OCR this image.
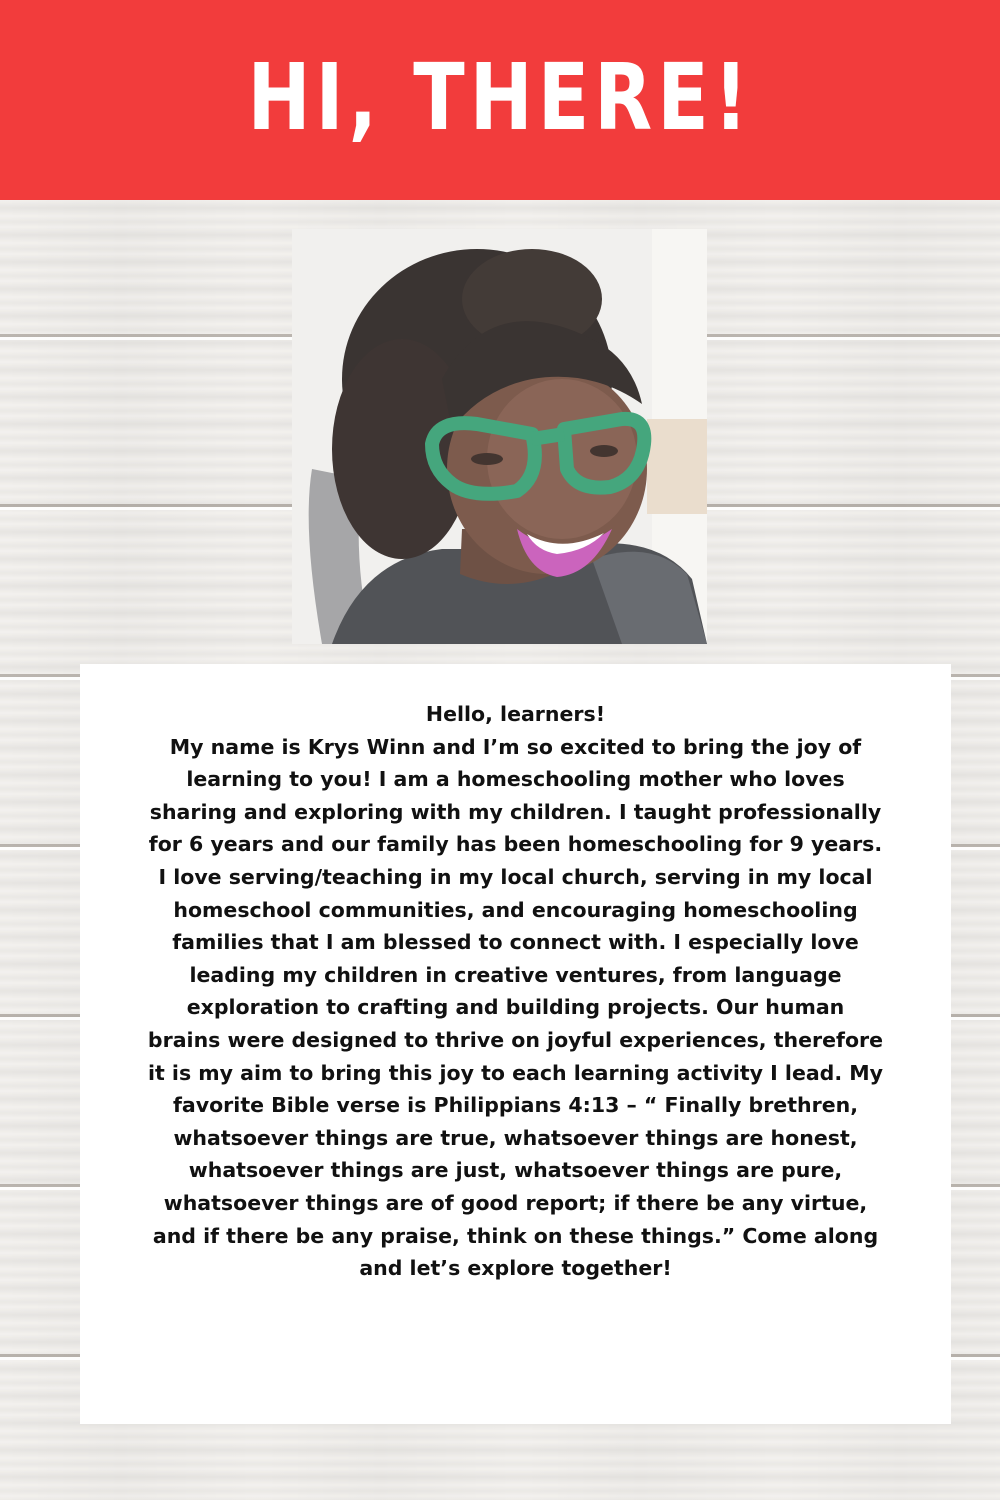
HI, THERE!

Hello, learners!
My name is Krys Winn and I’m so excited to bring the joy of
learning to you! I am a homeschooling mother who loves
sharing and exploring with my children. I taught professionally
for 6 years and our family has been homeschooling for 9 years.
I love serving/teaching in my local church, serving in my local
homeschool communities, and encouraging homeschooling
families that I am blessed to connect with. I especially love
leading my children in creative ventures, from language
exploration to crafting and building projects. Our human
brains were designed to thrive on joyful experiences, therefore
it is my aim to bring this joy to each learning activity I lead. My
favorite Bible verse is Philippians 4:13 – “ Finally brethren,
whatsoever things are true, whatsoever things are honest,
whatsoever things are just, whatsoever things are pure,
whatsoever things are of good report; if there be any virtue,
and if there be any praise, think on these things.” Come along
and let’s explore together!
